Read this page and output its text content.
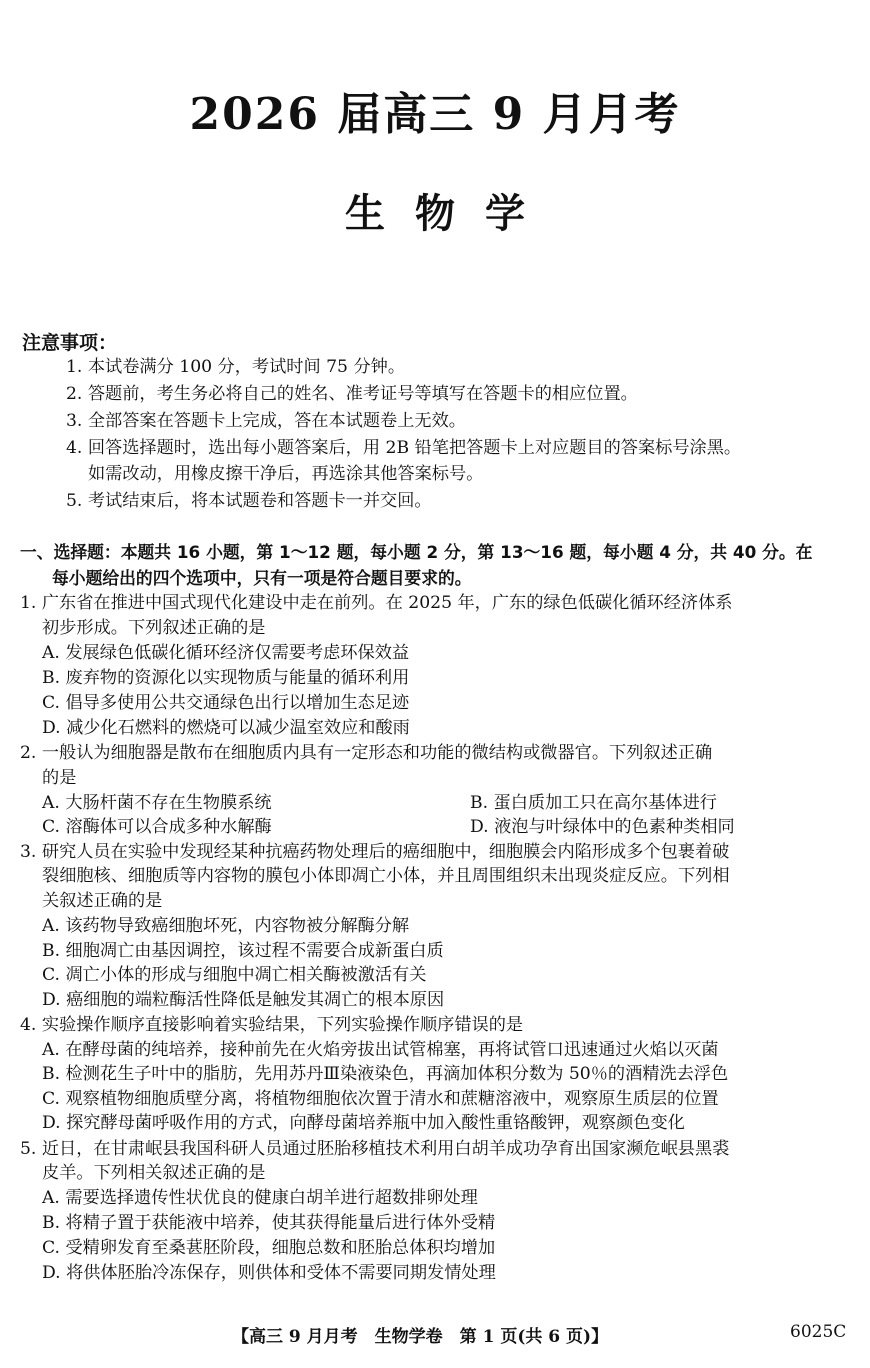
2026 届高三 9 月月考
生物学
注意事项：
1. 本试卷满分 100 分，考试时间 75 分钟。
2. 答题前，考生务必将自己的姓名、准考证号等填写在答题卡的相应位置。
3. 全部答案在答题卡上完成，答在本试题卷上无效。
4. 回答选择题时，选出每小题答案后，用 2B 铅笔把答题卡上对应题目的答案标号涂黑。
如需改动，用橡皮擦干净后，再选涂其他答案标号。
5. 考试结束后，将本试题卷和答题卡一并交回。
一、选择题：本题共 16 小题，第 1～12 题，每小题 2 分，第 13～16 题，每小题 4 分，共 40 分。在
每小题给出的四个选项中，只有一项是符合题目要求的。
1. 广东省在推进中国式现代化建设中走在前列。在 2025 年，广东的绿色低碳化循环经济体系
初步形成。下列叙述正确的是
A. 发展绿色低碳化循环经济仅需要考虑环保效益
B. 废弃物的资源化以实现物质与能量的循环利用
C. 倡导多使用公共交通绿色出行以增加生态足迹
D. 减少化石燃料的燃烧可以减少温室效应和酸雨
2. 一般认为细胞器是散布在细胞质内具有一定形态和功能的微结构或微器官。下列叙述正确
的是
A. 大肠杆菌不存在生物膜系统	B. 蛋白质加工只在高尔基体进行
C. 溶酶体可以合成多种水解酶	D. 液泡与叶绿体中的色素种类相同
3. 研究人员在实验中发现经某种抗癌药物处理后的癌细胞中，细胞膜会内陷形成多个包裹着破
裂细胞核、细胞质等内容物的膜包小体即凋亡小体，并且周围组织未出现炎症反应。下列相
关叙述正确的是
A. 该药物导致癌细胞坏死，内容物被分解酶分解
B. 细胞凋亡由基因调控，该过程不需要合成新蛋白质
C. 凋亡小体的形成与细胞中凋亡相关酶被激活有关
D. 癌细胞的端粒酶活性降低是触发其凋亡的根本原因
4. 实验操作顺序直接影响着实验结果，下列实验操作顺序错误的是
A. 在酵母菌的纯培养，接种前先在火焰旁拔出试管棉塞，再将试管口迅速通过火焰以灭菌
B. 检测花生子叶中的脂肪，先用苏丹Ⅲ染液染色，再滴加体积分数为 50％的酒精洗去浮色
C. 观察植物细胞质壁分离，将植物细胞依次置于清水和蔗糖溶液中，观察原生质层的位置
D. 探究酵母菌呼吸作用的方式，向酵母菌培养瓶中加入酸性重铬酸钾，观察颜色变化
5. 近日，在甘肃岷县我国科研人员通过胚胎移植技术利用白胡羊成功孕育出国家濒危岷县黑裘
皮羊。下列相关叙述正确的是
A. 需要选择遗传性状优良的健康白胡羊进行超数排卵处理
B. 将精子置于获能液中培养，使其获得能量后进行体外受精
C. 受精卵发育至桑葚胚阶段，细胞总数和胚胎总体积均增加
D. 将供体胚胎冷冻保存，则供体和受体不需要同期发情处理
【高三 9 月月考　生物学卷　第 1 页(共 6 页)】	6025C
